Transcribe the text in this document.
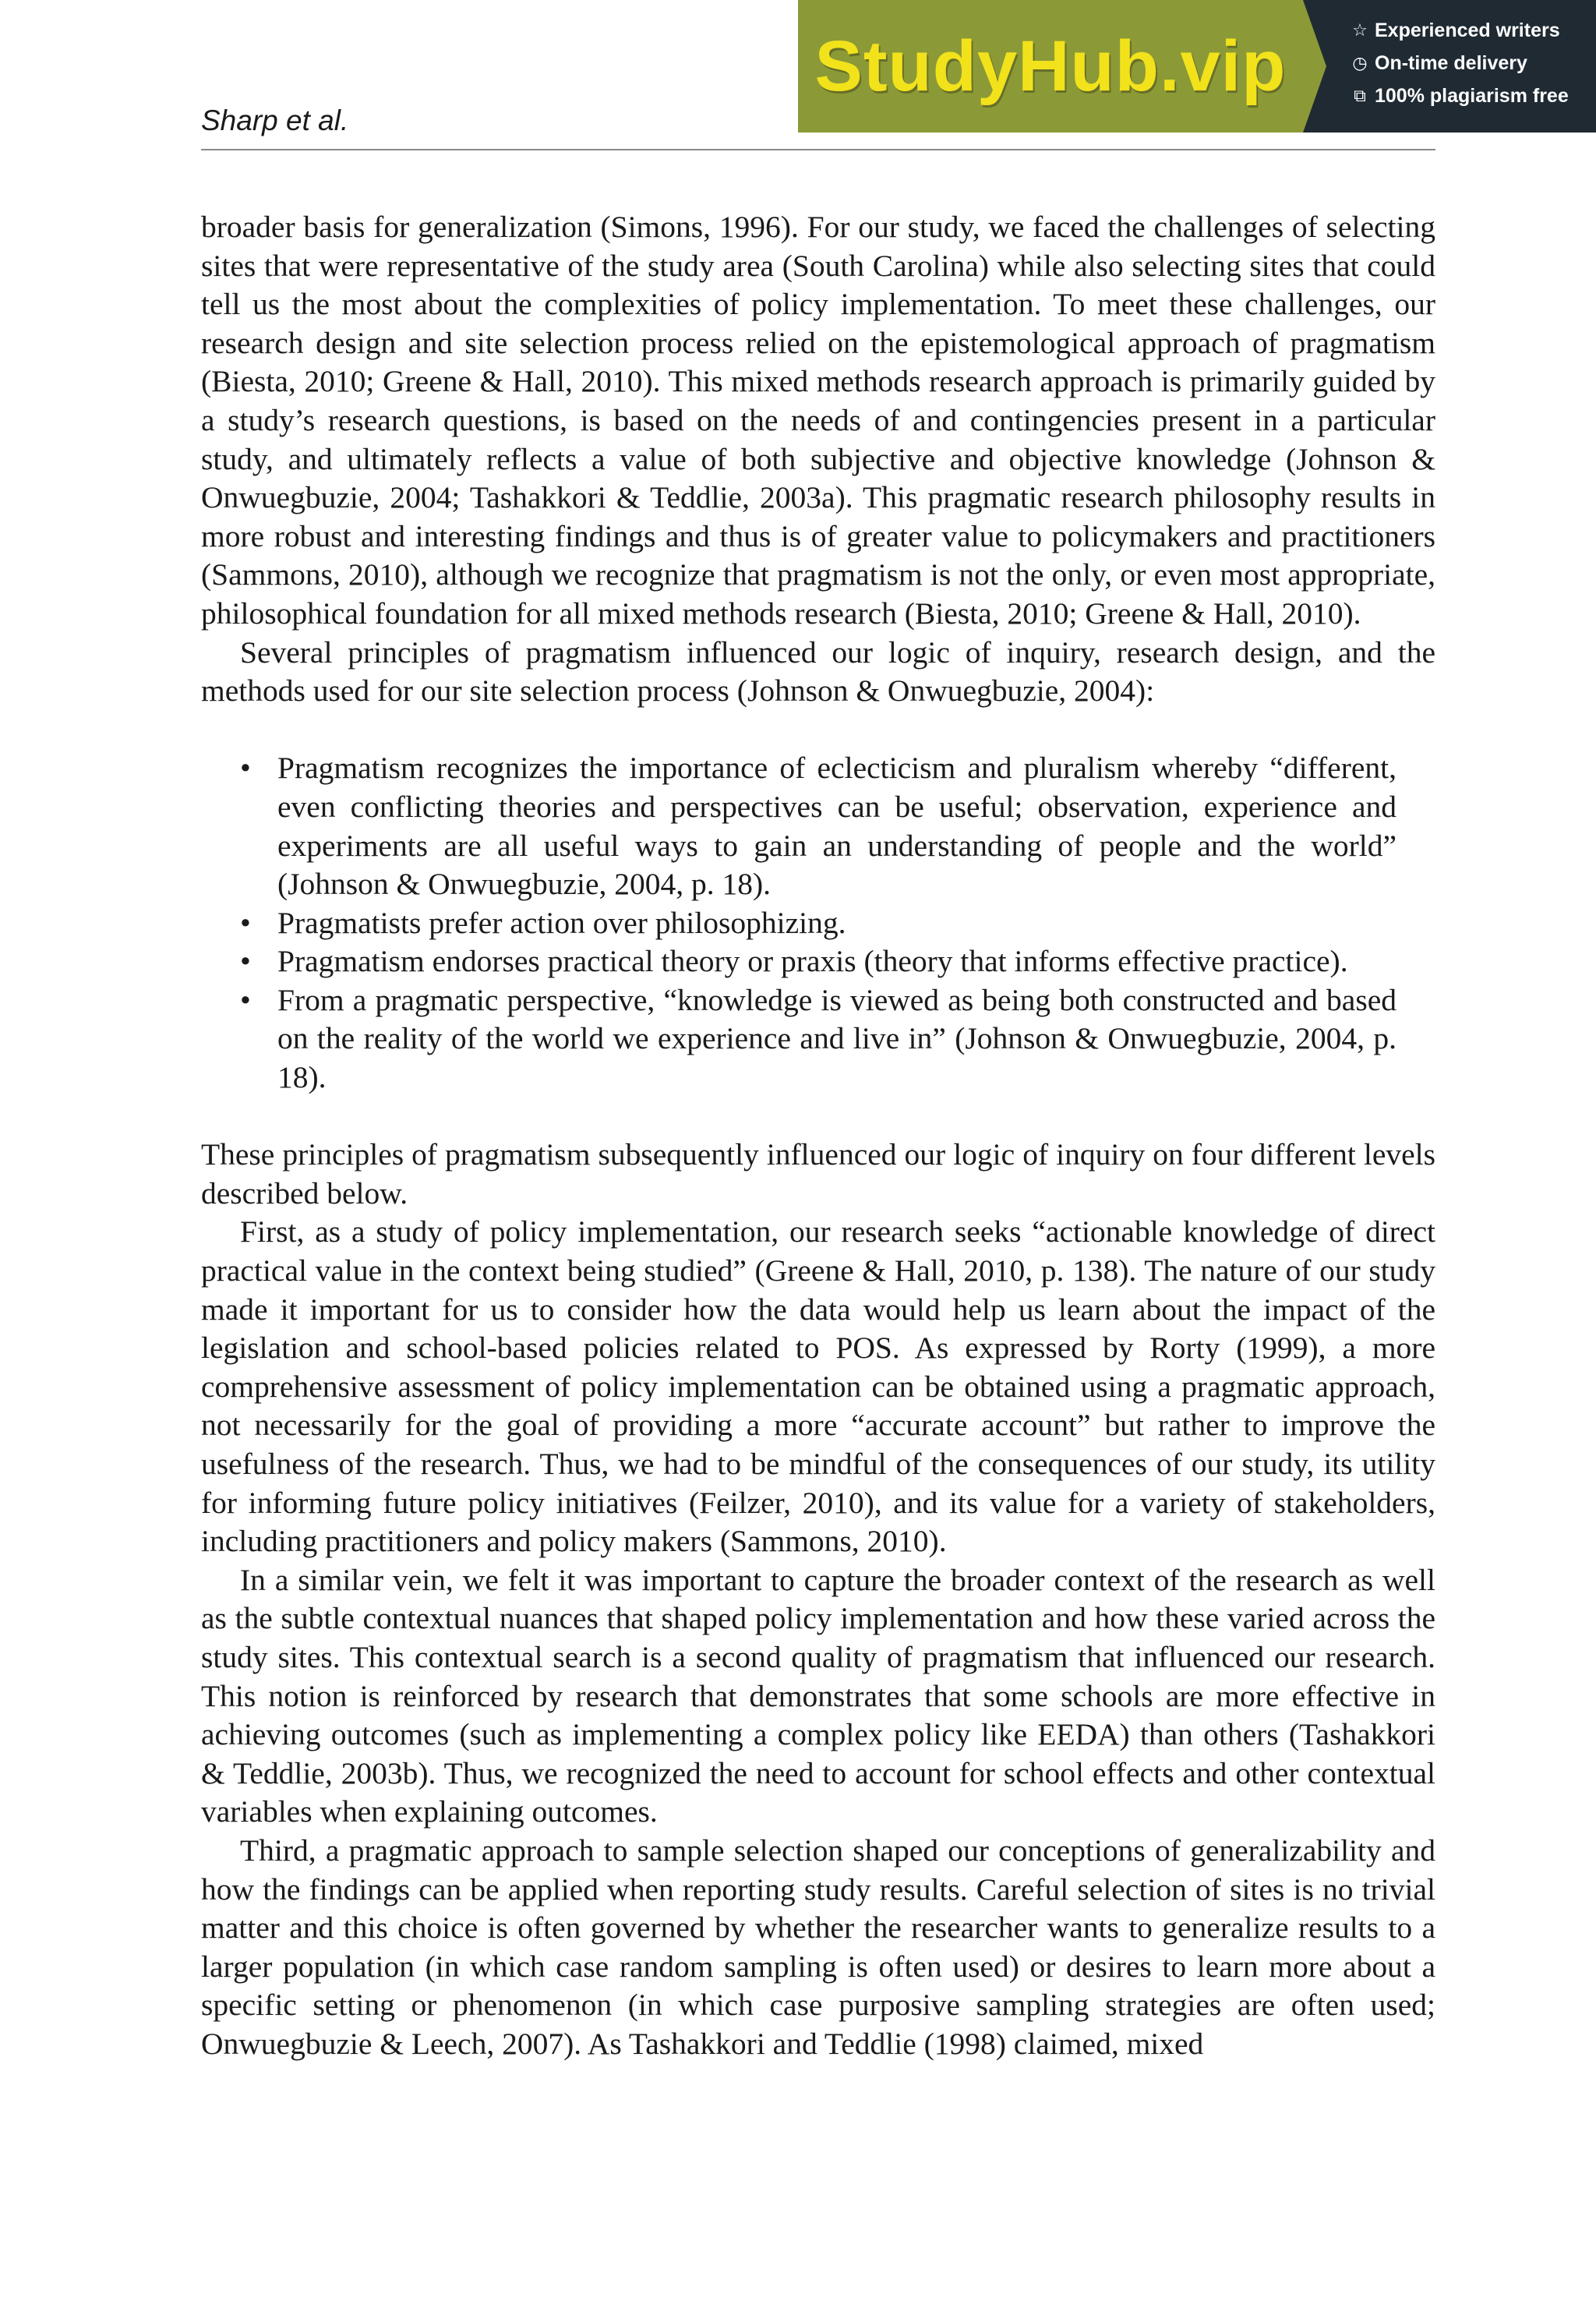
Sharp et al.
StudyHub.vip	☆ Experienced writers
◷ On-time delivery
⧉ 100% plagiarism free

broader basis for generalization (Simons, 1996). For our study, we faced the challenges of selecting sites that were representative of the study area (South Carolina) while also selecting sites that could tell us the most about the complexities of policy implementation. To meet these challenges, our research design and site selection process relied on the epistemological approach of pragmatism (Biesta, 2010; Greene & Hall, 2010). This mixed methods research approach is primarily guided by a study’s research questions, is based on the needs of and contingencies present in a particular study, and ultimately reflects a value of both subjective and objective knowledge (Johnson & Onwuegbuzie, 2004; Tashakkori & Teddlie, 2003a). This pragmatic research philosophy results in more robust and interesting findings and thus is of greater value to policymakers and practitioners (Sammons, 2010), although we recognize that pragmatism is not the only, or even most appropriate, philosophical foundation for all mixed methods research (Biesta, 2010; Greene & Hall, 2010).

Several principles of pragmatism influenced our logic of inquiry, research design, and the methods used for our site selection process (Johnson & Onwuegbuzie, 2004):

• Pragmatism recognizes the importance of eclecticism and pluralism whereby “different, even conflicting theories and perspectives can be useful; observation, experience and experiments are all useful ways to gain an understanding of people and the world” (Johnson & Onwuegbuzie, 2004, p. 18).
• Pragmatists prefer action over philosophizing.
• Pragmatism endorses practical theory or praxis (theory that informs effective practice).
• From a pragmatic perspective, “knowledge is viewed as being both constructed and based on the reality of the world we experience and live in” (Johnson & Onwuegbuzie, 2004, p. 18).

These principles of pragmatism subsequently influenced our logic of inquiry on four different levels described below.

First, as a study of policy implementation, our research seeks “actionable knowledge of direct practical value in the context being studied” (Greene & Hall, 2010, p. 138). The nature of our study made it important for us to consider how the data would help us learn about the impact of the legislation and school-based policies related to POS. As expressed by Rorty (1999), a more comprehensive assessment of policy implementation can be obtained using a pragmatic approach, not necessarily for the goal of providing a more “accurate account” but rather to improve the usefulness of the research. Thus, we had to be mindful of the consequences of our study, its utility for informing future policy initiatives (Feilzer, 2010), and its value for a variety of stakeholders, including practitioners and policy makers (Sammons, 2010).

In a similar vein, we felt it was important to capture the broader context of the research as well as the subtle contextual nuances that shaped policy implementation and how these varied across the study sites. This contextual search is a second quality of pragmatism that influenced our research. This notion is reinforced by research that demonstrates that some schools are more effective in achieving outcomes (such as implementing a complex policy like EEDA) than others (Tashakkori & Teddlie, 2003b). Thus, we recognized the need to account for school effects and other contextual variables when explaining outcomes.

Third, a pragmatic approach to sample selection shaped our conceptions of generalizability and how the findings can be applied when reporting study results. Careful selection of sites is no trivial matter and this choice is often governed by whether the researcher wants to generalize results to a larger population (in which case random sampling is often used) or desires to learn more about a specific setting or phenomenon (in which case purposive sampling strategies are often used; Onwuegbuzie & Leech, 2007). As Tashakkori and Teddlie (1998) claimed, mixed
